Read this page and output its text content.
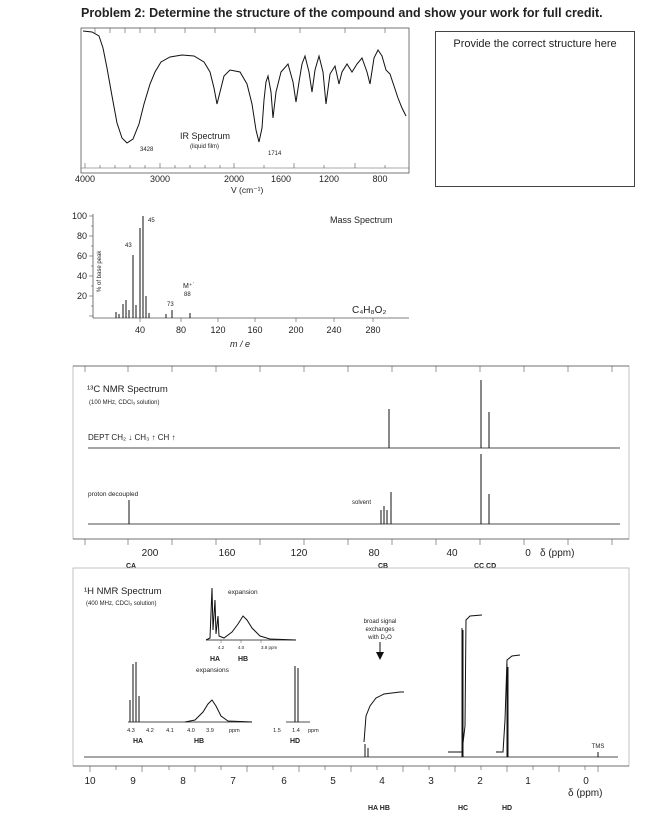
Problem 2: Determine the structure of the compound and show your work for full credit.
Provide the correct structure here
IR Spectrum
(liquid film)
3428
1714
4000	3000	2000	1600	1200	800
V (cm⁻¹)
100
80
60
40
20
% of base peak
Mass Spectrum
45
43
73
M⁺˙
88
C₄H₈O₂
40	80	120 160	200	240	280
m / e
¹³C NMR Spectrum
(100 MHz, CDCl₃ solution)
DEPT CH₂ ↓ CH₃ ↑ CH ↑
proton decoupled
solvent
200	160	120	80	40	0 δ (ppm)
CA	CB	CC CD
¹H NMR Spectrum
(400 MHz, CDCl₃ solution)
expansion
4.2	4.0	3.8 ppm
HA	HB
expansions
4.3 4.2 4.1 4.0 3.9	ppm	1.5 1.4 ppm
HA	HB	HD
broad signal
exchanges
with D₂O
TMS
10	9	8	7	6	5	4	3	2	1	0
δ (ppm)
HA HB	HC	HD
